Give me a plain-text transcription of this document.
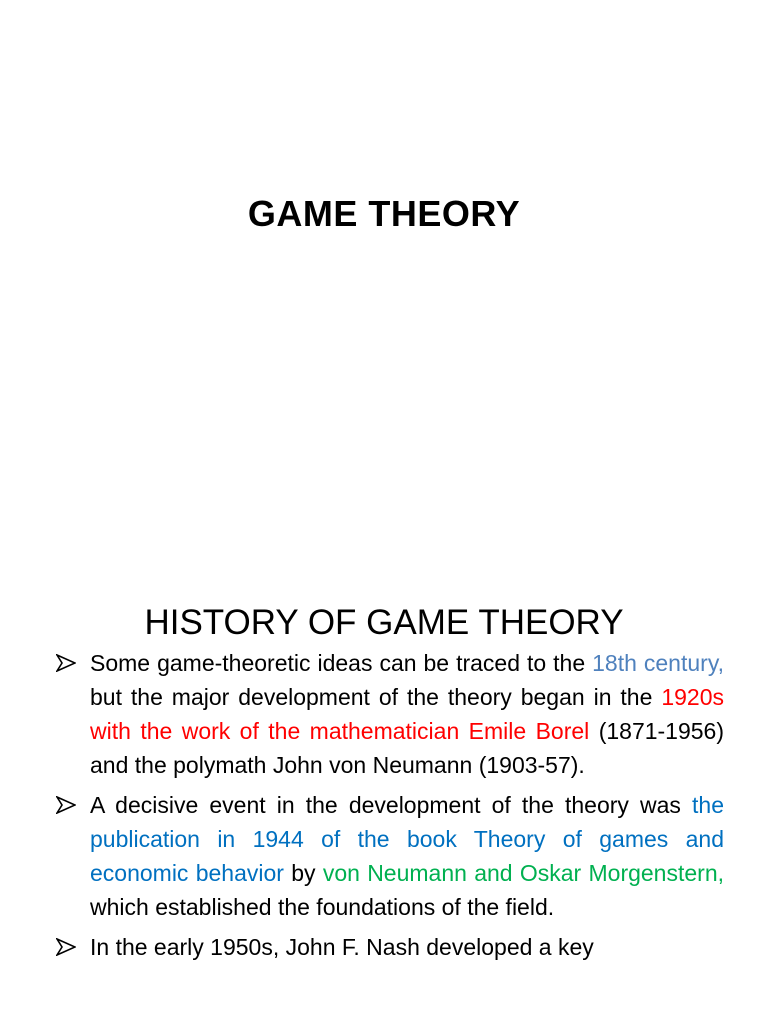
GAME THEORY
HISTORY OF GAME THEORY
Some game-theoretic ideas can be traced to the 18th century, but the major development of the theory began in the 1920s with the work of the mathematician Emile Borel (1871-1956) and the polymath John von Neumann (1903-57).
A decisive event in the development of the theory was the publication in 1944 of the book Theory of games and economic behavior by von Neumann and Oskar Morgenstern, which established the foundations of the field.
In the early 1950s, John F. Nash developed a key
